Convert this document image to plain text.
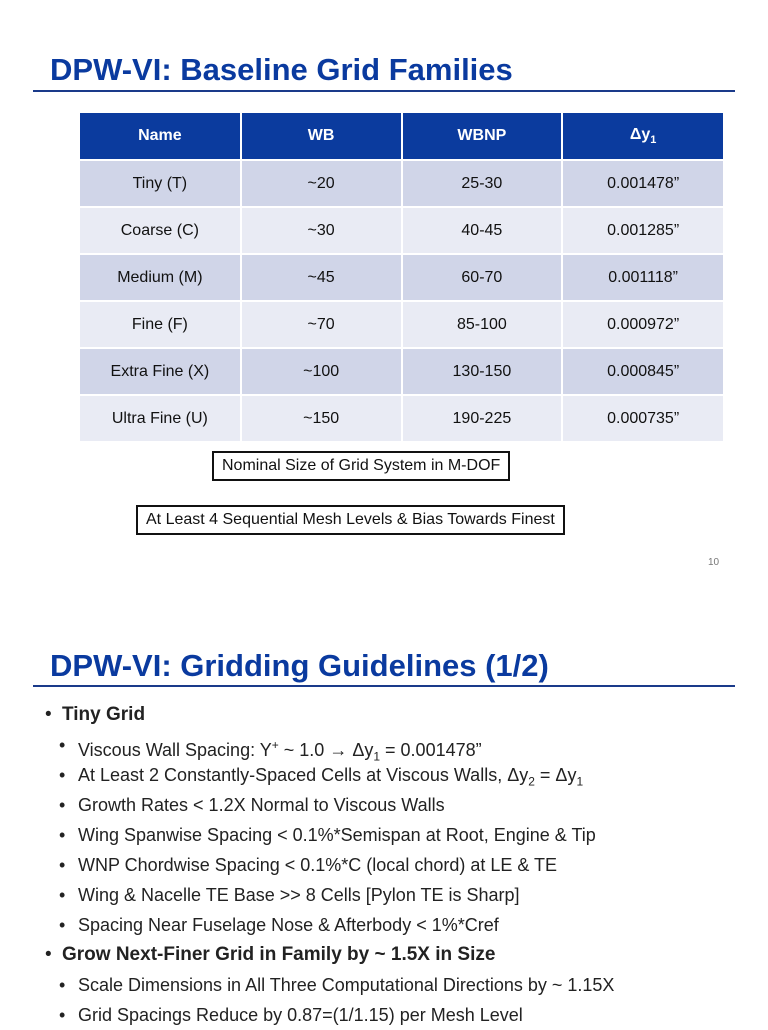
DPW-VI: Baseline Grid Families
Name	WB	WBNP	$\Delta y_1$
Tiny (T)	~20	25-30	0.001478”
Coarse (C)	~30	40-45	0.001285”
Medium (M)	~45	60-70	0.001118”
Fine (F)	~70	85-100	0.000972”
Extra Fine (X)	~100	130-150	0.000845”
Ultra Fine (U)	~150	190-225	0.000735”
Nominal Size of Grid System in M-DOF
At Least 4 Sequential Mesh Levels & Bias Towards Finest
10
DPW-VI: Gridding Guidelines (1/2)
• Tiny Grid
• Viscous Wall Spacing: Y+ ~ $1.0 \to \Delta y_1 = 0.001478$”
• At Least 2 Constantly-Spaced Cells at Viscous Walls, $\Delta y_2 = \Delta y_1$
• Growth Rates < 1.2X Normal to Viscous Walls
• Wing Spanwise Spacing < 0.1%*Semispan at Root, Engine & Tip
• WNP Chordwise Spacing < 0.1%*C (local chord) at LE & TE
• Wing & Nacelle TE Base >> 8 Cells [Pylon TE is Sharp]
• Spacing Near Fuselage Nose & Afterbody < 1%*Cref
• Grow Next-Finer Grid in Family by ~ 1.5X in Size
• Scale Dimensions in All Three Computational Directions by ~ 1.15X
• Grid Spacings Reduce by 0.87=(1/1.15) per Mesh Level
